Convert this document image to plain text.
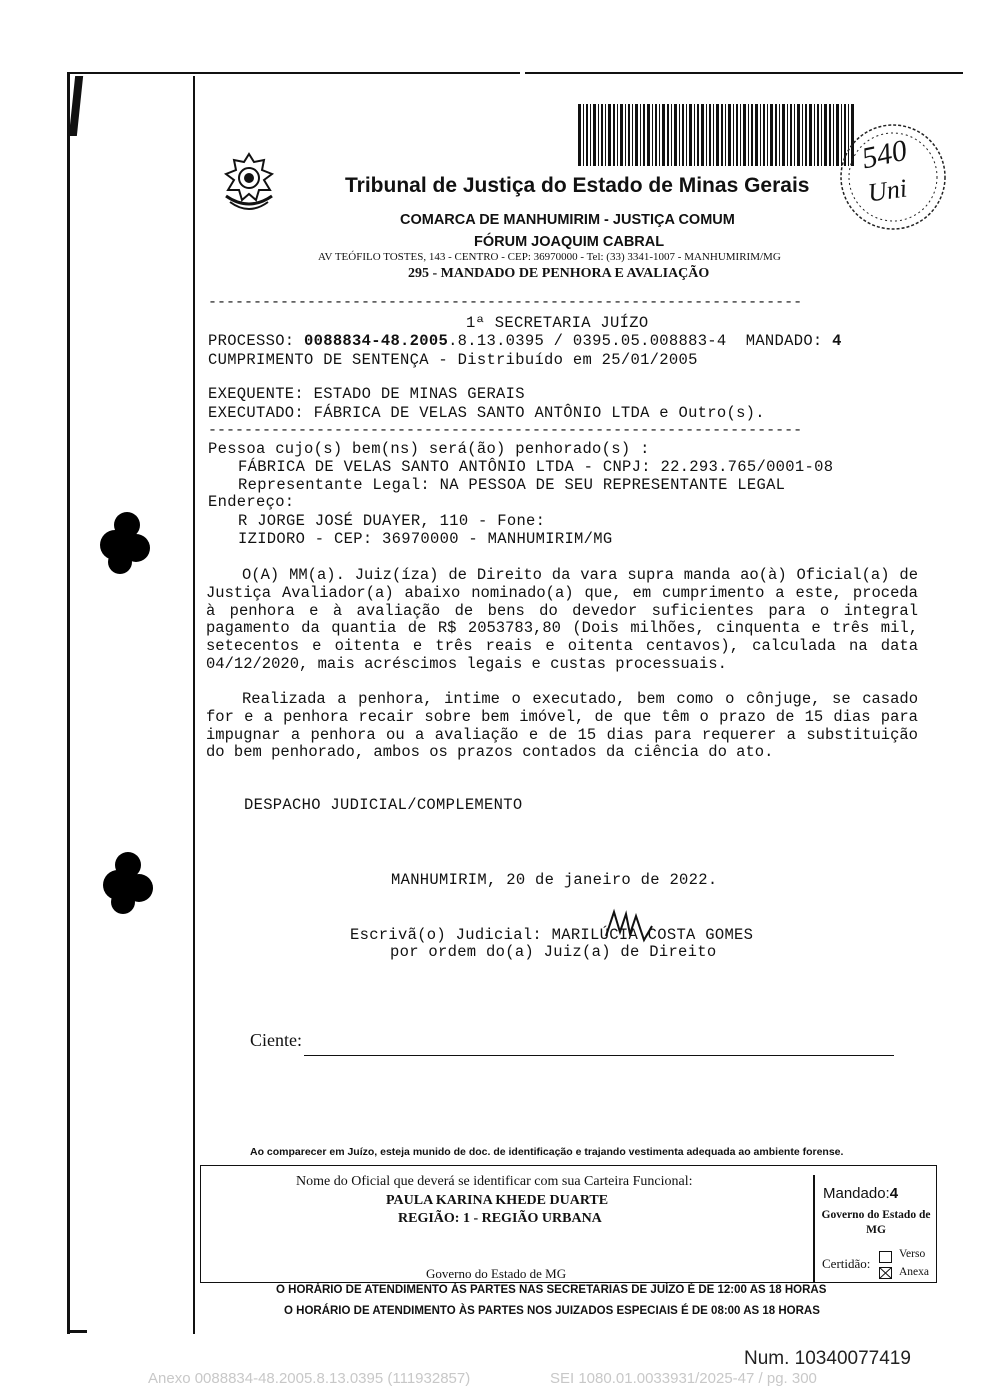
540
Uni
Tribunal de Justiça do Estado de Minas Gerais
COMARCA DE MANHUMIRIM - JUSTIÇA COMUM
FÓRUM JOAQUIM CABRAL
AV TEÓFILO TOSTES, 143 - CENTRO - CEP: 36970000 - Tel: (33) 3341-1007 - MANHUMIRIM/MG
295 - MANDADO DE PENHORA E AVALIAÇÃO
------------------------------------------------------------------
1ª SECRETARIA JUÍZO
PROCESSO: 0088834-48.2005.8.13.0395 / 0395.05.008883-4 MANDADO: 4
CUMPRIMENTO DE SENTENÇA - Distribuído em 25/01/2005
EXEQUENTE: ESTADO DE MINAS GERAIS
EXECUTADO: FÁBRICA DE VELAS SANTO ANTÔNIO LTDA e Outro(s).
------------------------------------------------------------------
Pessoa cujo(s) bem(ns) será(ão) penhorado(s) :
FÁBRICA DE VELAS SANTO ANTÔNIO LTDA - CNPJ: 22.293.765/0001-08
Representante Legal: NA PESSOA DE SEU REPRESENTANTE LEGAL
Endereço:
R JORGE JOSÉ DUAYER, 110 - Fone:
IZIDORO - CEP: 36970000 - MANHUMIRIM/MG
O(A) MM(a). Juiz(íza) de Direito da vara supra manda ao(à) Oficial(a) de Justiça Avaliador(a) abaixo nominado(a) que, em cumprimento a este, proceda à penhora e à avaliação de bens do devedor suficientes para o integral pagamento da quantia de R$ 2053783,80 (Dois milhões, cinquenta e três mil, setecentos e oitenta e três reais e oitenta centavos), calculada na data 04/12/2020, mais acréscimos legais e custas processuais.
Realizada a penhora, intime o executado, bem como o cônjuge, se casado for e a penhora recair sobre bem imóvel, de que têm o prazo de 15 dias para impugnar a penhora ou a avaliação e de 15 dias para requerer a substituição do bem penhorado, ambos os prazos contados da ciência do ato.
DESPACHO JUDICIAL/COMPLEMENTO
MANHUMIRIM, 20 de janeiro de 2022.
Escrivã(o) Judicial: MARILÚCIA COSTA GOMES
por ordem do(a) Juiz(a) de Direito
Ciente:
Ao comparecer em Juízo, esteja munido de doc. de identificação e trajando vestimenta adequada ao ambiente forense.
Nome do Oficial que deverá se identificar com sua Carteira Funcional:
PAULA KARINA KHEDE DUARTE
REGIÃO: 1 - REGIÃO URBANA
Governo do Estado de MG
Mandado:4
Governo do Estado de MG
Certidão:
Verso
Anexa
O HORÁRIO DE ATENDIMENTO ÀS PARTES NAS SECRETARIAS DE JUÍZO É DE 12:00 AS 18 HORAS
O HORÁRIO DE ATENDIMENTO ÀS PARTES NOS JUIZADOS ESPECIAIS É DE 08:00 AS 18 HORAS
Num. 10340077419
Anexo 0088834-48.2005.8.13.0395 (111932857)	SEI 1080.01.0033931/2025-47 / pg. 300
